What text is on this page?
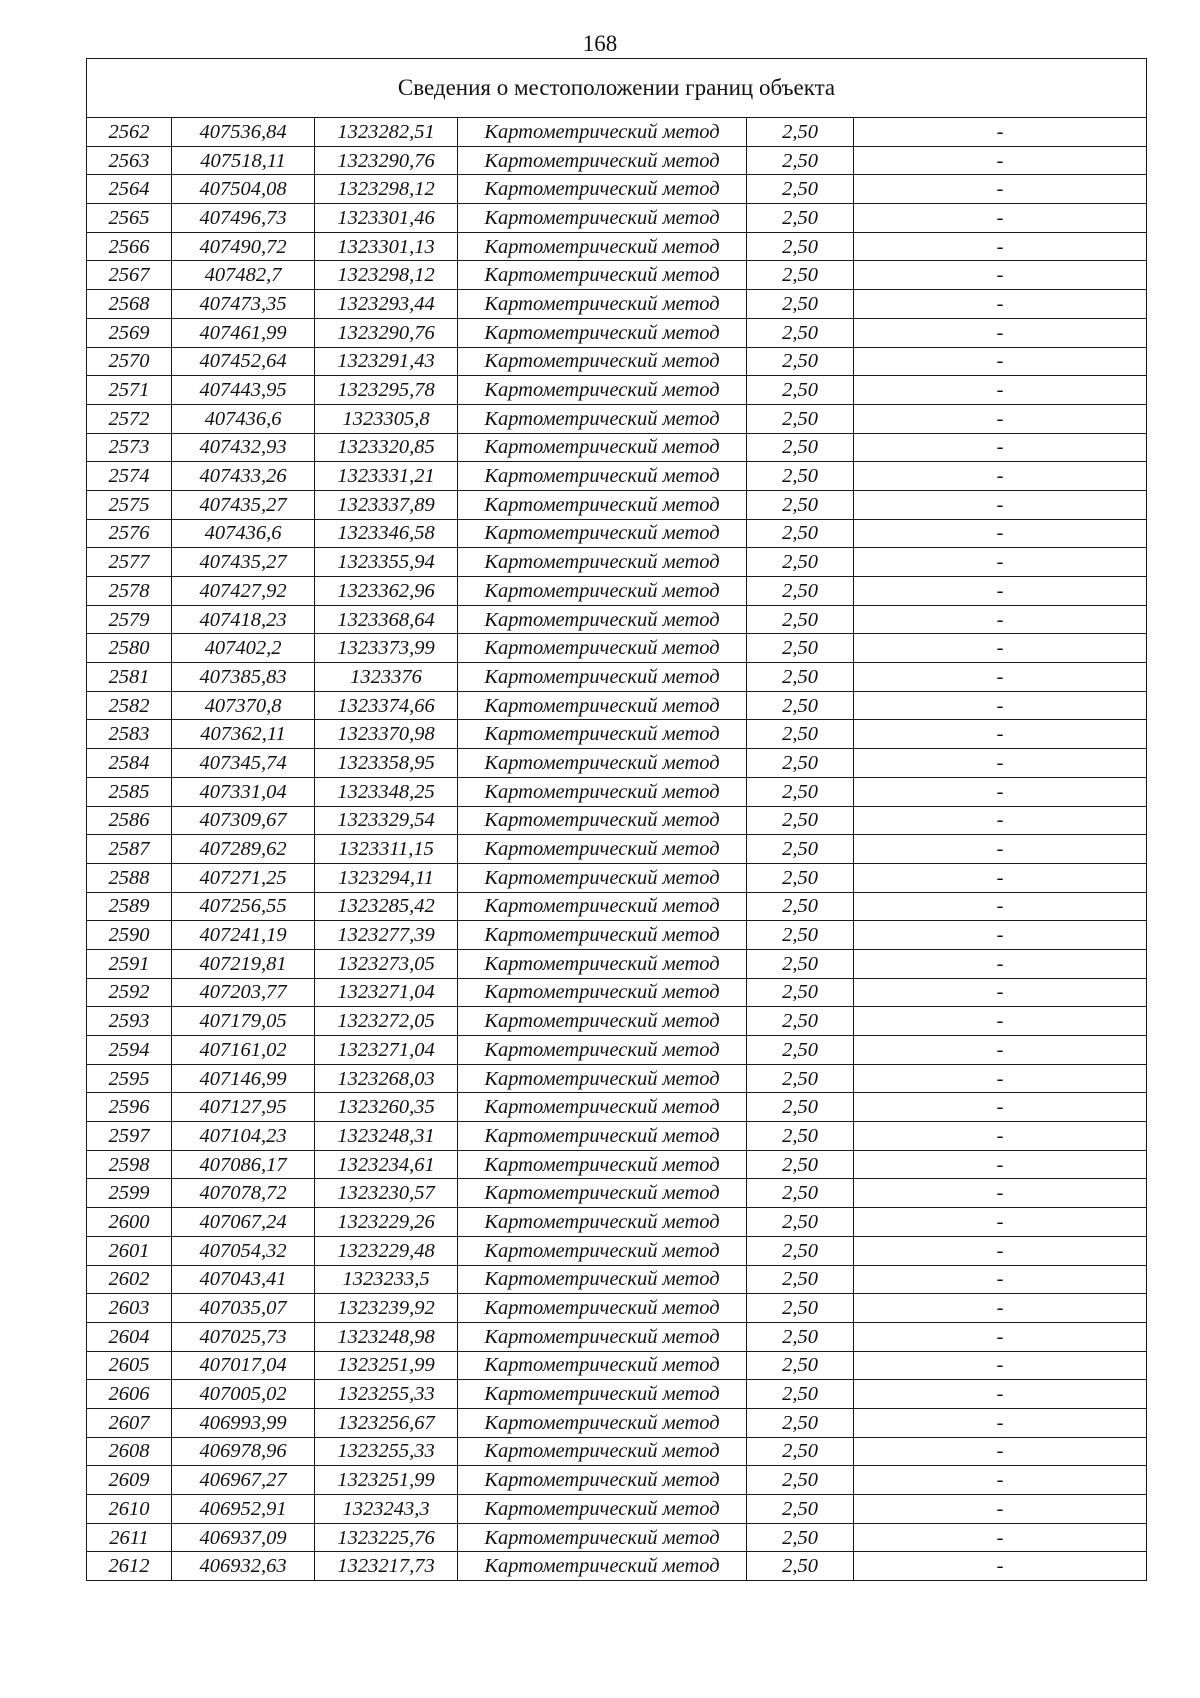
168
Сведения о местоположении границ объекта					
2562	407536,84	1323282,51	Картометрический метод	2,50	-
2563	407518,11	1323290,76	Картометрический метод	2,50	-
2564	407504,08	1323298,12	Картометрический метод	2,50	-
2565	407496,73	1323301,46	Картометрический метод	2,50	-
2566	407490,72	1323301,13	Картометрический метод	2,50	-
2567	407482,7	1323298,12	Картометрический метод	2,50	-
2568	407473,35	1323293,44	Картометрический метод	2,50	-
2569	407461,99	1323290,76	Картометрический метод	2,50	-
2570	407452,64	1323291,43	Картометрический метод	2,50	-
2571	407443,95	1323295,78	Картометрический метод	2,50	-
2572	407436,6	1323305,8	Картометрический метод	2,50	-
2573	407432,93	1323320,85	Картометрический метод	2,50	-
2574	407433,26	1323331,21	Картометрический метод	2,50	-
2575	407435,27	1323337,89	Картометрический метод	2,50	-
2576	407436,6	1323346,58	Картометрический метод	2,50	-
2577	407435,27	1323355,94	Картометрический метод	2,50	-
2578	407427,92	1323362,96	Картометрический метод	2,50	-
2579	407418,23	1323368,64	Картометрический метод	2,50	-
2580	407402,2	1323373,99	Картометрический метод	2,50	-
2581	407385,83	1323376	Картометрический метод	2,50	-
2582	407370,8	1323374,66	Картометрический метод	2,50	-
2583	407362,11	1323370,98	Картометрический метод	2,50	-
2584	407345,74	1323358,95	Картометрический метод	2,50	-
2585	407331,04	1323348,25	Картометрический метод	2,50	-
2586	407309,67	1323329,54	Картометрический метод	2,50	-
2587	407289,62	1323311,15	Картометрический метод	2,50	-
2588	407271,25	1323294,11	Картометрический метод	2,50	-
2589	407256,55	1323285,42	Картометрический метод	2,50	-
2590	407241,19	1323277,39	Картометрический метод	2,50	-
2591	407219,81	1323273,05	Картометрический метод	2,50	-
2592	407203,77	1323271,04	Картометрический метод	2,50	-
2593	407179,05	1323272,05	Картометрический метод	2,50	-
2594	407161,02	1323271,04	Картометрический метод	2,50	-
2595	407146,99	1323268,03	Картометрический метод	2,50	-
2596	407127,95	1323260,35	Картометрический метод	2,50	-
2597	407104,23	1323248,31	Картометрический метод	2,50	-
2598	407086,17	1323234,61	Картометрический метод	2,50	-
2599	407078,72	1323230,57	Картометрический метод	2,50	-
2600	407067,24	1323229,26	Картометрический метод	2,50	-
2601	407054,32	1323229,48	Картометрический метод	2,50	-
2602	407043,41	1323233,5	Картометрический метод	2,50	-
2603	407035,07	1323239,92	Картометрический метод	2,50	-
2604	407025,73	1323248,98	Картометрический метод	2,50	-
2605	407017,04	1323251,99	Картометрический метод	2,50	-
2606	407005,02	1323255,33	Картометрический метод	2,50	-
2607	406993,99	1323256,67	Картометрический метод	2,50	-
2608	406978,96	1323255,33	Картометрический метод	2,50	-
2609	406967,27	1323251,99	Картометрический метод	2,50	-
2610	406952,91	1323243,3	Картометрический метод	2,50	-
2611	406937,09	1323225,76	Картометрический метод	2,50	-
2612	406932,63	1323217,73	Картометрический метод	2,50	-
